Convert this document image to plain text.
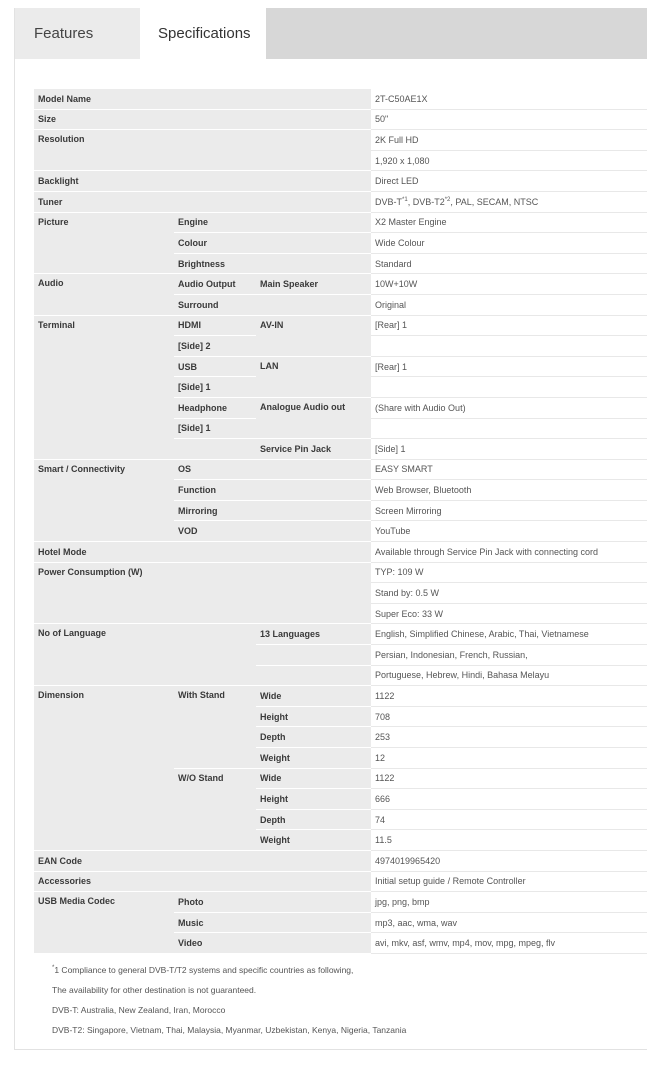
Features	Specifications
Model Name			2T-C50AE1X
Size			50"
Resolution			2K Full HD
			1,920 x 1,080
Backlight			Direct LED
Tuner			DVB-$T^{*1}$, DVB-T2$^{*2}$, PAL, SECAM, NTSC
Picture	Engine		X2 Master Engine
	Colour		Wide Colour
	Brightness		Standard
Audio	Audio Output	Main Speaker	10W+10W
	Surround		Original
Terminal	HDMI	AV-IN	[Rear] 1
	[Side] 2		
	USB	LAN	[Rear] 1
	[Side] 1		
	Headphone	Analogue Audio out	(Share with Audio Out)
	[Side] 1		
		Service Pin Jack	[Side] 1
Smart / Connectivity	OS		EASY SMART
	Function		Web Browser, Bluetooth
	Mirroring		Screen Mirroring
	VOD		YouTube
Hotel Mode			Available through Service Pin Jack with connecting cord
Power Consumption (W)			TYP: 109 W
			Stand by: 0.5 W
			Super Eco: 33 W
No of Language		13 Languages	English, Simplified Chinese, Arabic, Thai, Vietnamese
			Persian, Indonesian, French, Russian,
			Portuguese, Hebrew, Hindi, Bahasa Melayu
Dimension	With Stand	Wide	1122
		Height	708
		Depth	253
		Weight	12
	W/O Stand	Wide	1122
		Height	666
		Depth	74
		Weight	11.5
EAN Code			4974019965420
Accessories			Initial setup guide / Remote Controller
USB Media Codec	Photo		jpg, png, bmp
	Music		mp3, aac, wma, wav
	Video		avi, mkv, asf, wmv, mp4, mov, mpg, mpeg, flv
*1 Compliance to general DVB-T/T2 systems and specific countries as following,
The availability for other destination is not guaranteed.
DVB-T: Australia, New Zealand, Iran, Morocco
DVB-T2: Singapore, Vietnam, Thai, Malaysia, Myanmar, Uzbekistan, Kenya, Nigeria, Tanzania
